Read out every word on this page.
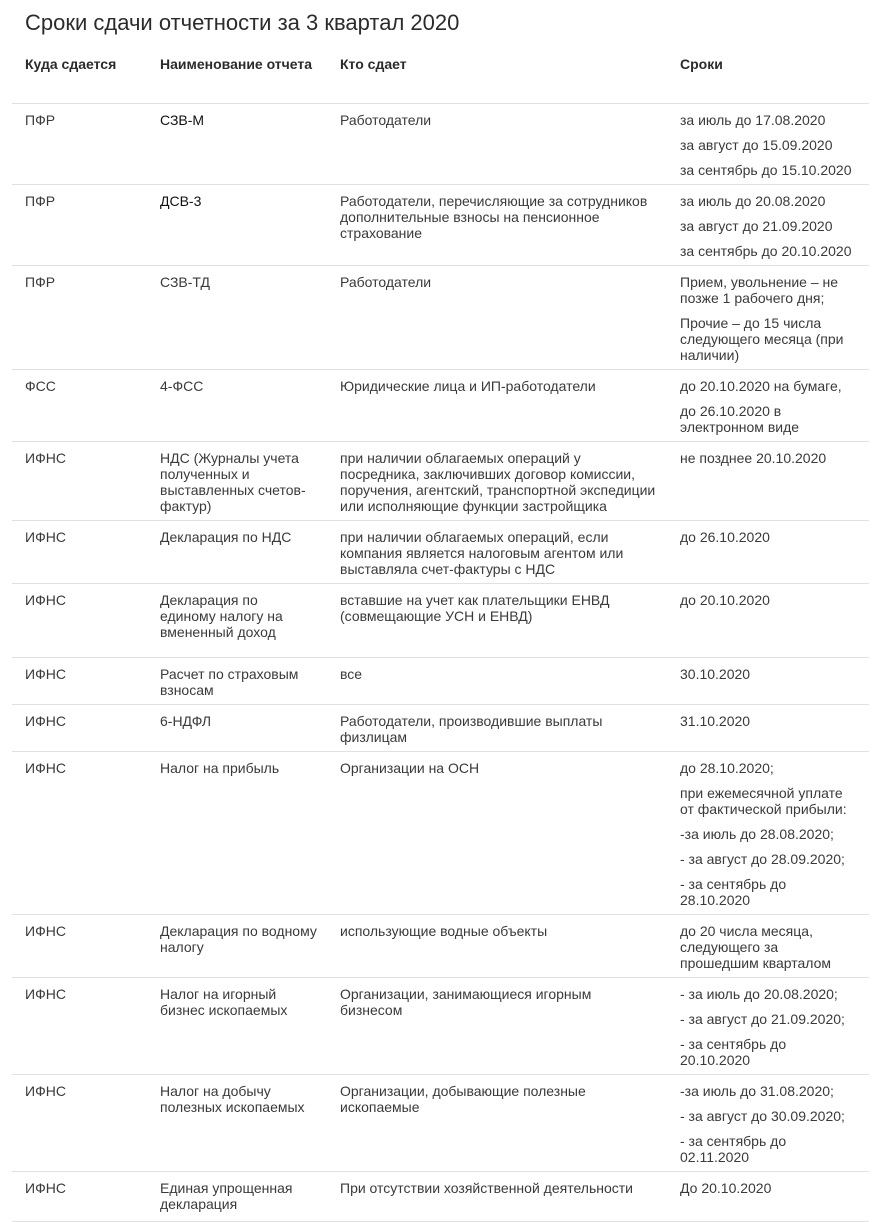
Сроки сдачи отчетности за 3 квартал 2020
Куда сдается	Наименование отчета	Кто сдает	Сроки
ПФР	СЗВ-М	Работодатели	за июль до 17.08.2020
за август до 15.09.2020
за сентябрь до 15.10.2020

ПФР	ДСВ-3	Работодатели, перечисляющие за сотрудников дополнительные взносы на пенсионное страхование	за июль до 20.08.2020
за август до 21.09.2020
за сентябрь до 20.10.2020

ПФР	СЗВ-ТД	Работодатели	Прием, увольнение – не позже 1 рабочего дня;
Прочие – до 15 числа следующего месяца (при наличии)

ФСС	4-ФСС	Юридические лица и ИП-работодатели	до 20.10.2020 на бумаге,
до 26.10.2020 в электронном виде

ИФНС	НДС (Журналы учета полученных и выставленных счетов-фактур)	при наличии облагаемых операций у посредника, заключивших договор комиссии, поручения, агентский, транспортной экспедиции или исполняющие функции застройщика	не позднее 20.10.2020

ИФНС	Декларация по НДС	при наличии облагаемых операций, если компания является налоговым агентом или выставляла счет-фактуры с НДС	до 26.10.2020

ИФНС	Декларация по единому налогу на вмененный доход	вставшие на учет как плательщики ЕНВД (совмещающие УСН и ЕНВД)	до 20.10.2020

ИФНС	Расчет по страховым взносам	все	30.10.2020

ИФНС	6-НДФЛ	Работодатели, производившие выплаты физлицам	31.10.2020

ИФНС	Налог на прибыль	Организации на ОСН	до 28.10.2020;
при ежемесячной уплате от фактической прибыли:
-за июль до 28.08.2020;
- за август до 28.09.2020;
- за сентябрь до 28.10.2020

ИФНС	Декларация по водному налогу	использующие водные объекты	до 20 числа месяца, следующего за прошедшим кварталом

ИФНС	Налог на игорный бизнес ископаемых	Организации, занимающиеся игорным бизнесом	- за июль до 20.08.2020;
- за август до 21.09.2020;
- за сентябрь до 20.10.2020

ИФНС	Налог на добычу полезных ископаемых	Организации, добывающие полезные ископаемые	-за июль до 31.08.2020;
- за август до 30.09.2020;
- за сентябрь до 02.11.2020

ИФНС	Единая упрощенная декларация	При отсутствии хозяйственной деятельности	До 20.10.2020
